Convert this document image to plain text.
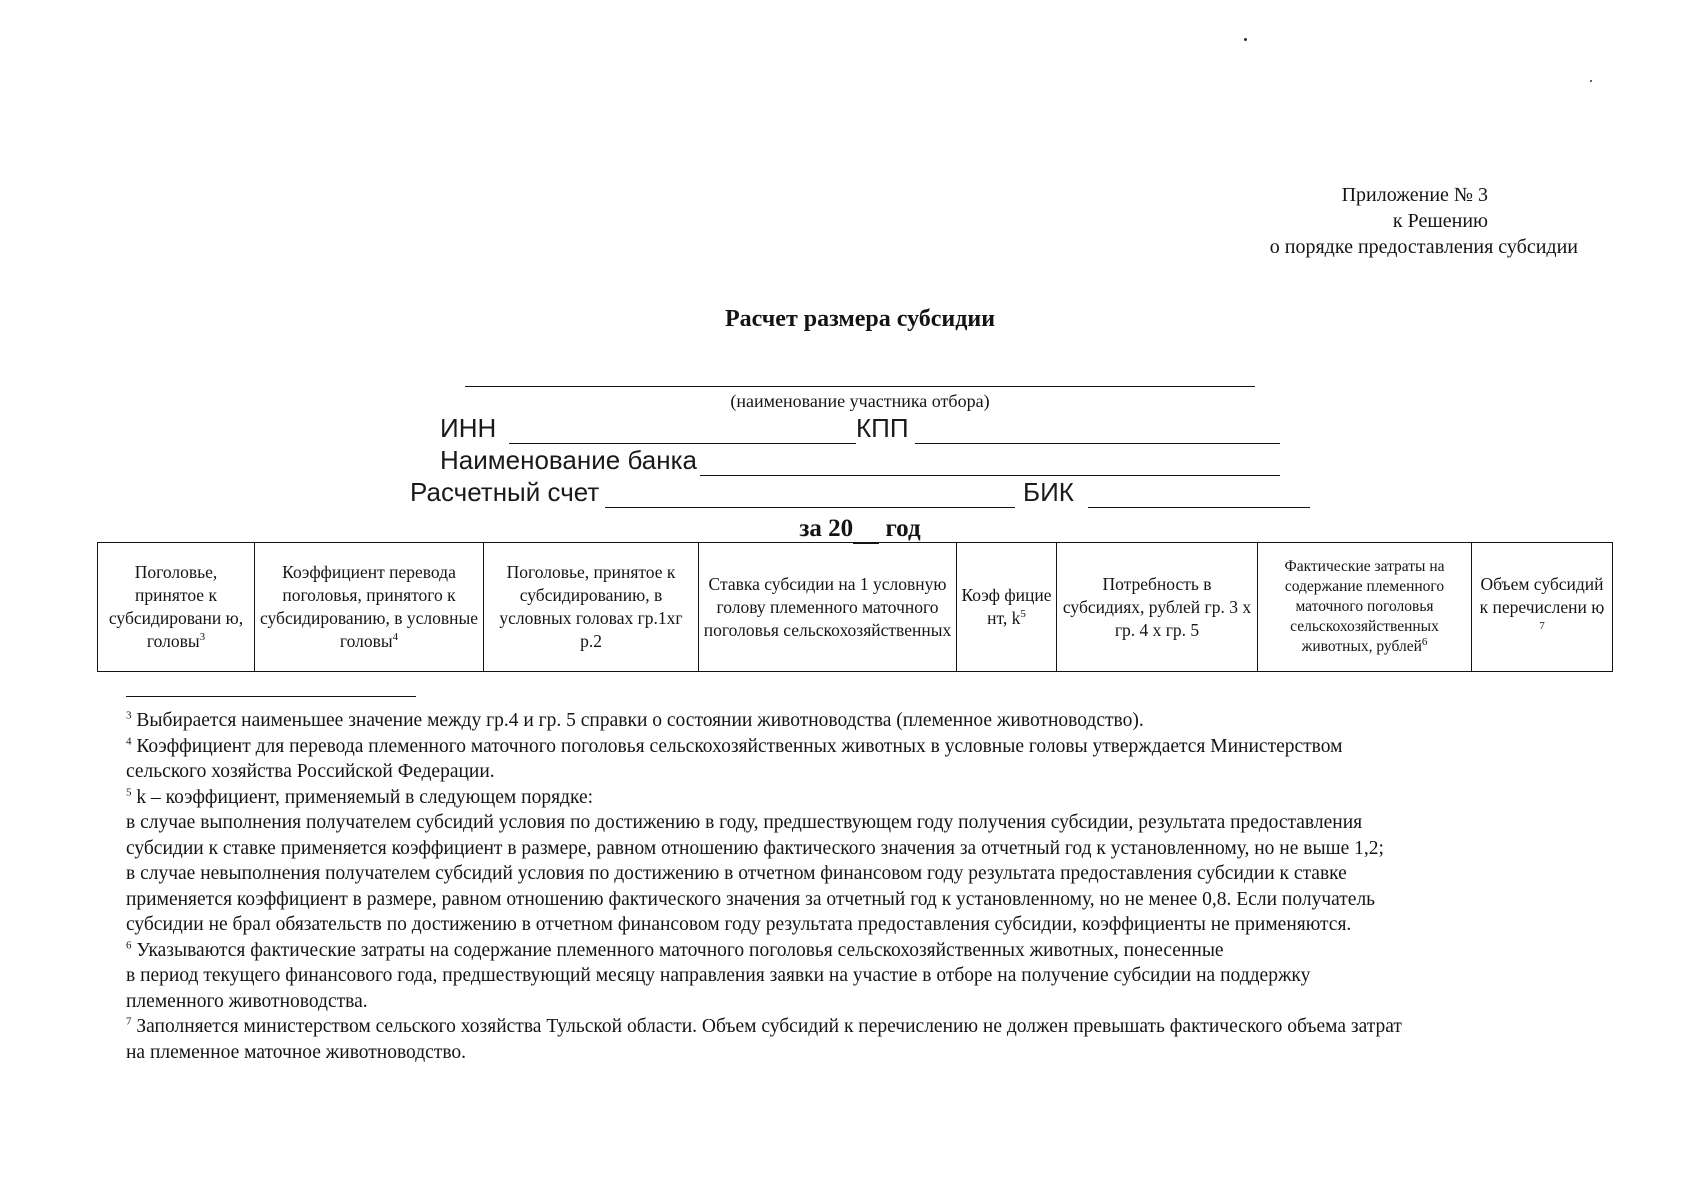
Приложение № 3
к Решению
о порядке предоставления субсидии
Расчет размера субсидии
(наименование участника отбора)
ИНН	КПП
Наименование банка
Расчетный счет	БИК
за 20 год
Поголовье, принятое к субсидировани ю, головы$^3$	Коэффициент перевода поголовья, принятого к субсидированию, в условные головы$^4$	Поголовье, принятое к субсидированию, в условных головах гр.1хг р.2	Ставка субсидии на 1 условную голову племенного маточного поголовья сельскохозяйственных	Коэф фицие нт, $k^5$	Потребность в субсидиях, рублей гр. 3 х гр. 4 х гр. 5	Фактические затраты на содержание племенного маточного поголовья сельскохозяйственных животных, рублей$^6$	Объем субсидий к перечислени ю $^7$

$^3$ Выбирается наименьшее значение между гр.4 и гр. 5 справки о состоянии животноводства (племенное животноводство).

$^4$ Коэффициент для перевода племенного маточного поголовья сельскохозяйственных животных в условные головы утверждается Министерством

сельского хозяйства Российской Федерации.

$^5$ k – коэффициент, применяемый в следующем порядке:

в случае выполнения получателем субсидий условия по достижению в году, предшествующем году получения субсидии, результата предоставления

субсидии к ставке применяется коэффициент в размере, равном отношению фактического значения за отчетный год к установленному, но не выше 1,2;

в случае невыполнения получателем субсидий условия по достижению в отчетном финансовом году результата предоставления субсидии к ставке

применяется коэффициент в размере, равном отношению фактического значения за отчетный год к установленному, но не менее 0,8. Если получатель

субсидии не брал обязательств по достижению в отчетном финансовом году результата предоставления субсидии, коэффициенты не применяются.

$^6$ Указываются фактические затраты на содержание племенного маточного поголовья сельскохозяйственных животных, понесенные

в период текущего финансового года, предшествующий месяцу направления заявки на участие в отборе на получение субсидии на поддержку

племенного животноводства.

$^7$ Заполняется министерством сельского хозяйства Тульской области. Объем субсидий к перечислению не должен превышать фактического объема затрат

на племенное маточное животноводство.
